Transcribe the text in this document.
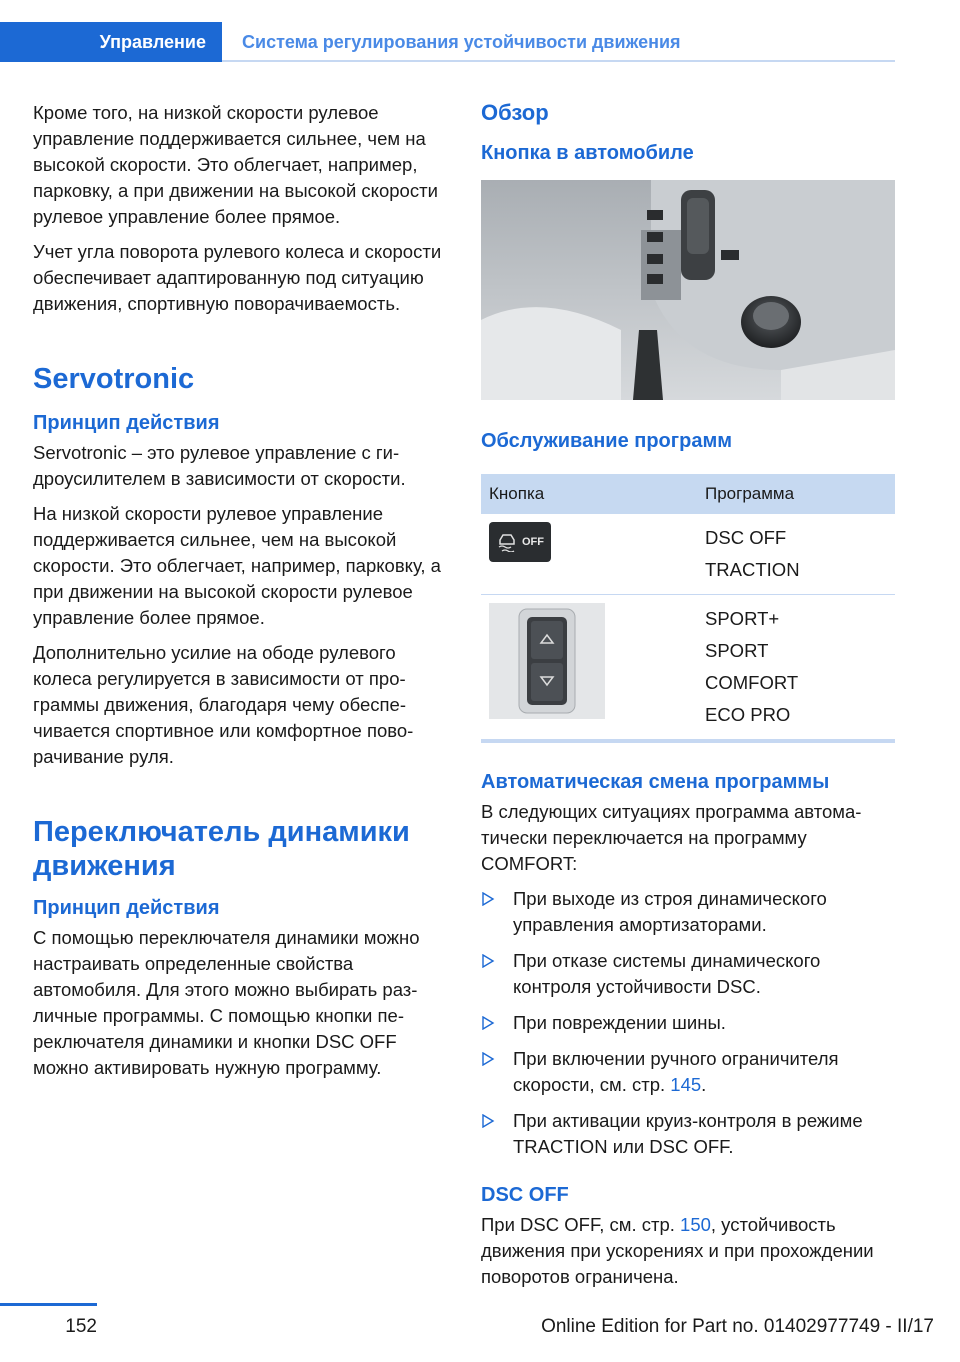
Управление	Система регулирования устойчивости движения

Кроме того, на низкой скорости рулевое управление поддерживается сильнее, чем на высокой скорости. Это облегчает, например, парковку, а при движении на высокой скорости рулевое управление более прямое.

Учет угла поворота рулевого колеса и скорости обеспечивает адаптированную под ситуацию движения, спортивную поворачиваемость.

Servotronic
Принцип действия

Servotronic – это рулевое управление с гидроусилителем в зависимости от скорости.

На низкой скорости рулевое управление поддерживается сильнее, чем на высокой скорости. Это облегчает, например, парковку, а при движении на высокой скорости рулевое управление более прямое.

Дополнительно усилие на ободе рулевого колеса регулируется в зависимости от программы движения, благодаря чему обеспечивается спортивное или комфортное поворачивание руля.

Переключатель динамики движения
Принцип действия

С помощью переключателя динамики можно настраивать определенные свойства автомобиля. Для этого можно выбирать различные программы. С помощью кнопки переключателя динамики и кнопки DSC OFF можно активировать нужную программу.

Обзор
Кнопка в автомобиле
Обслуживание программ
Кнопка	Программа

OFF	DSC OFF
TRACTION

SPORT+
SPORT
COMFORT
ECO PRO
Автоматическая смена программы

В следующих ситуациях программа автоматически переключается на программу COMFORT:

При выходе из строя динамического управления амортизаторами.
При отказе системы динамического контроля устойчивости DSC.
При повреждении шины.
При включении ручного ограничителя скорости, см. стр. 145.
При активации круиз-контроля в режиме TRACTION или DSC OFF.
DSC OFF

При DSC OFF, см. стр. 150, устойчивость движения при ускорениях и при прохождении поворотов ограничена.

152	Online Edition for Part no. 01402977749 - II/17
